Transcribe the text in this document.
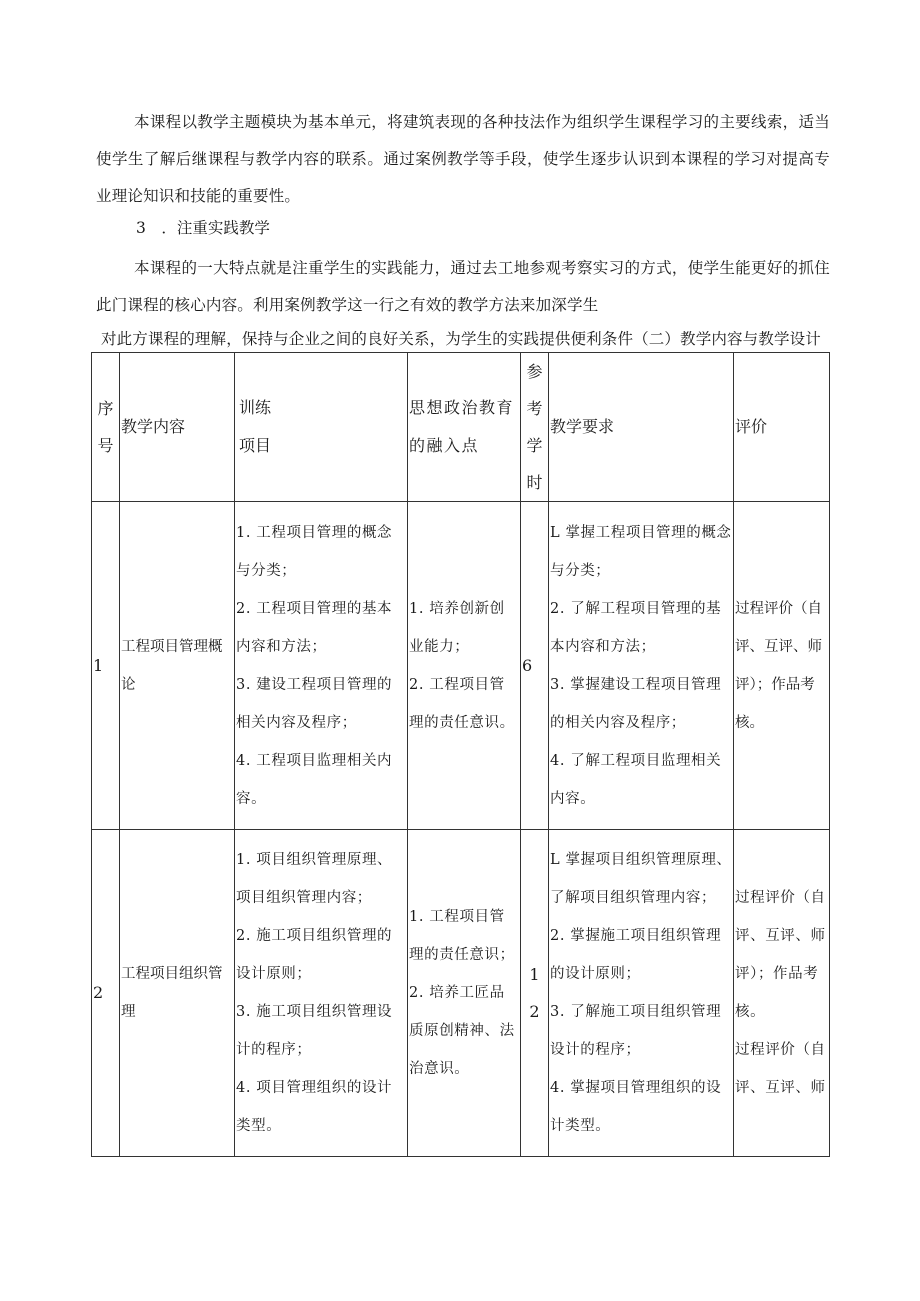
本课程以教学主题模块为基本单元，将建筑表现的各种技法作为组织学生课程学习的主要线索，适当使学生了解后继课程与教学内容的联系。通过案例教学等手段，使学生逐步认识到本课程的学习对提高专业理论知识和技能的重要性。

3　．注重实践教学

本课程的一大特点就是注重学生的实践能力，通过去工地参观考察实习的方式，使学生能更好的抓住此门课程的核心内容。利用案例教学这一行之有效的教学方法来加深学生

对此方课程的理解，保持与企业之间的良好关系，为学生的实践提供便利条件（二）教学内容与教学设计

序
号	教学内容	训练
项目	思想政治教育的融入点	参
考
学
时	教学要求	评价
1	工程项目管理概论	1. 工程项目管理的概念与分类；
2. 工程项目管理的基本内容和方法；
3. 建设工程项目管理的相关内容及程序；
4. 工程项目监理相关内容。	1. 培养创新创业能力；
2. 工程项目管理的责任意识。	6	L 掌握工程项目管理的概念与分类；
2. 了解工程项目管理的基本内容和方法；
3. 掌握建设工程项目管理的相关内容及程序；
4. 了解工程项目监理相关内容。	过程评价（自评、互评、师评）；作品考核。
2	工程项目组织管理	1. 项目组织管理原理、项目组织管理内容；
2. 施工项目组织管理的设计原则；
3. 施工项目组织管理设计的程序；
4. 项目管理组织的设计类型。	1. 工程项目管理的责任意识；
2. 培养工匠品质原创精神、法治意识。	1
2	L 掌握项目组织管理原理、了解项目组织管理内容；
2. 掌握施工项目组织管理的设计原则；
3. 了解施工项目组织管理设计的程序；
4. 掌握项目管理组织的设计类型。	过程评价（自评、互评、师评）；作品考核。
过程评价（自评、互评、师
